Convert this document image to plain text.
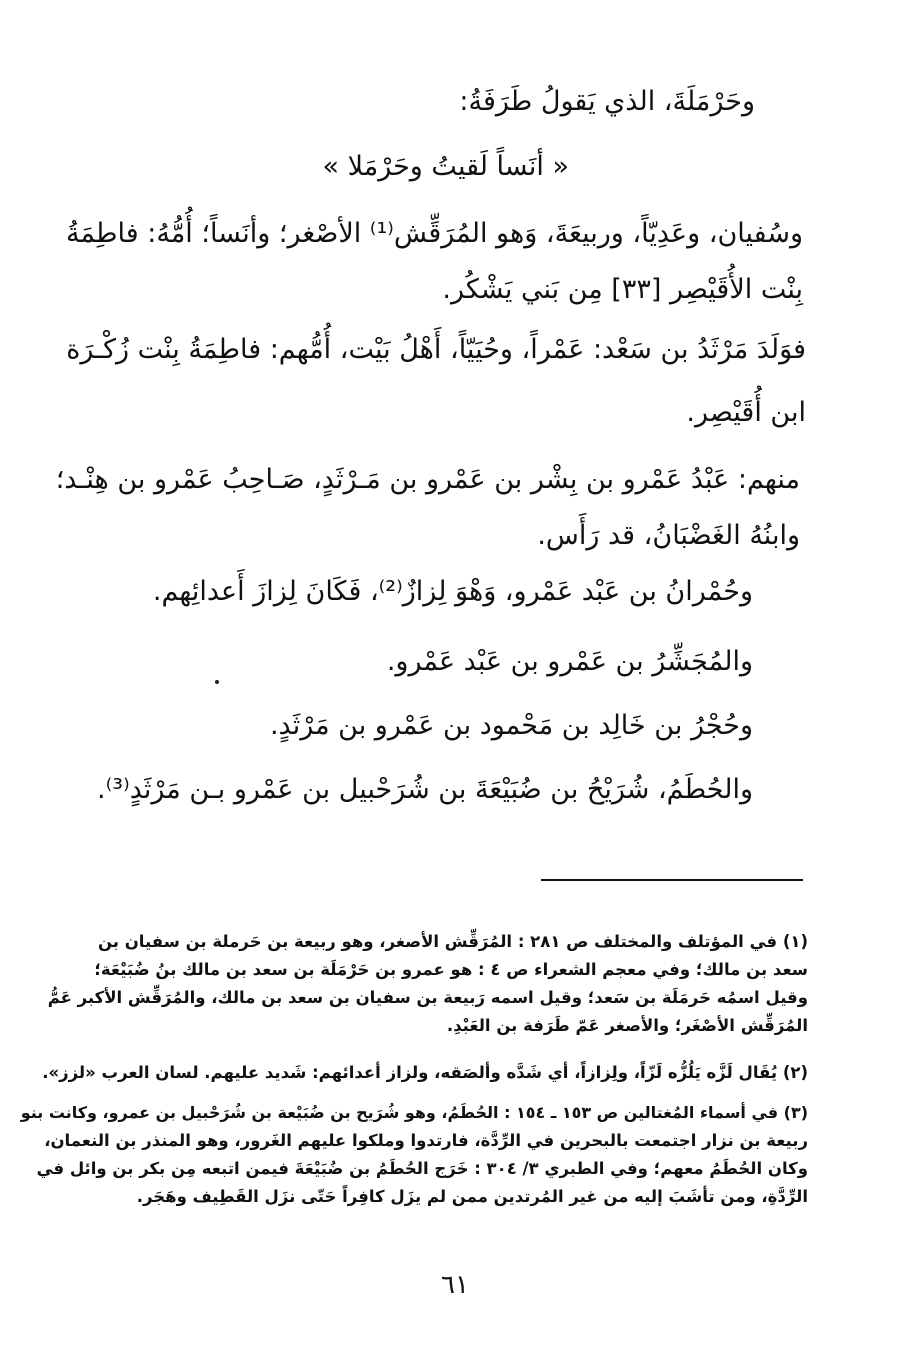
وحَرْمَلَةَ، الذي يَقولُ طَرَفَةُ:
« أنَساً لَقيتُ وحَرْمَلا »
وسُفيان، وعَدِيّاً، وربيعَةَ، وَهو المُرَقِّش⁽¹⁾ الأصْغر؛ وأنَساً؛ أُمُّهُ: فاطِمَةُ
بِنْت الأُقَيْصِر [٣٣] مِن بَني يَشْكُر.
فوَلَدَ مَرْثَدُ بن سَعْد: عَمْراً، وحُيَيّاً، أَهْلُ بَيْت، أُمُّهم: فاطِمَةُ بِنْت زُكْـرَة
ابن أُقَيْصِر.
منهم: عَبْدُ عَمْرو بن بِشْر بن عَمْرو بن مَـرْثَدٍ، صَـاحِبُ عَمْرو بن هِنْـد؛
وابنُهُ الغَضْبَانُ، قد رَأَس.
وحُمْرانُ بن عَبْد عَمْرو، وَهْوَ لِزازٌ⁽²⁾، فَكَانَ لِزازَ أَعدائِهم.
والمُجَشِّرُ بن عَمْرو بن عَبْد عَمْرو.
وحُجْرُ بن خَالِد بن مَحْمود بن عَمْرو بن مَرْثَدٍ.
والحُطَمُ، شُرَيْحُ بن ضُبَيْعَةَ بن شُرَحْبيل بن عَمْرو بـن مَرْثَدٍ⁽³⁾.
(١) في المؤتلف والمختلف ص ٢٨١ : المُرَقِّش الأصغر، وهو ربيعة بن حَرملة بن سفيان بن
سعد بن مالك؛ وفي معجم الشعراء ص ٤ : هو عمرو بن حَرْمَلَة بن سعد بن مالك بنُ ضُبَيْعَة؛
وقيل اسمُه حَرمَلَة بن سَعد؛ وقيل اسمه رَبيعة بن سفيان بن سعد بن مالك، والمُرَقِّش الأكبر عَمُّ
المُرَقِّش الأصْغَر؛ والأصغر عَمّ طَرَفة بن العَبْدِ.
(٢) يُقَال لَزَّه يَلُزُّه لَزّاً، ولِزازاً، أي شَدَّه وألصَقه، ولزاز أعدائهم: شَديد عليهم. لسان العرب «لزز».
(٣) في أسماء المُغتالين ص ١٥٣ ـ ١٥٤ : الحُطَمُ، وهو شُرَيح بن ضُبَيْعة بن شُرَحْبيل بن عمرو، وكانت بنو
ربيعة بن نزار اجتمعت بالبحرين في الرِّدَّة، فارتدوا وملكوا عليهم الغَرور، وهو المنذر بن النعمان،
وكان الحُطَمُ معهم؛ وفي الطبري ٣/ ٣٠٤ : خَرَج الحُطَمُ بن ضُبَيْعَةَ فيمن اتبعه مِن بكر بن وائل في
الرِّدَّةِ، ومن تأشَبَ إليه من غير المُرتدين ممن لم يزَل كافِراً حَتّى نزَل القَطِيف وهَجَر.
٦١
